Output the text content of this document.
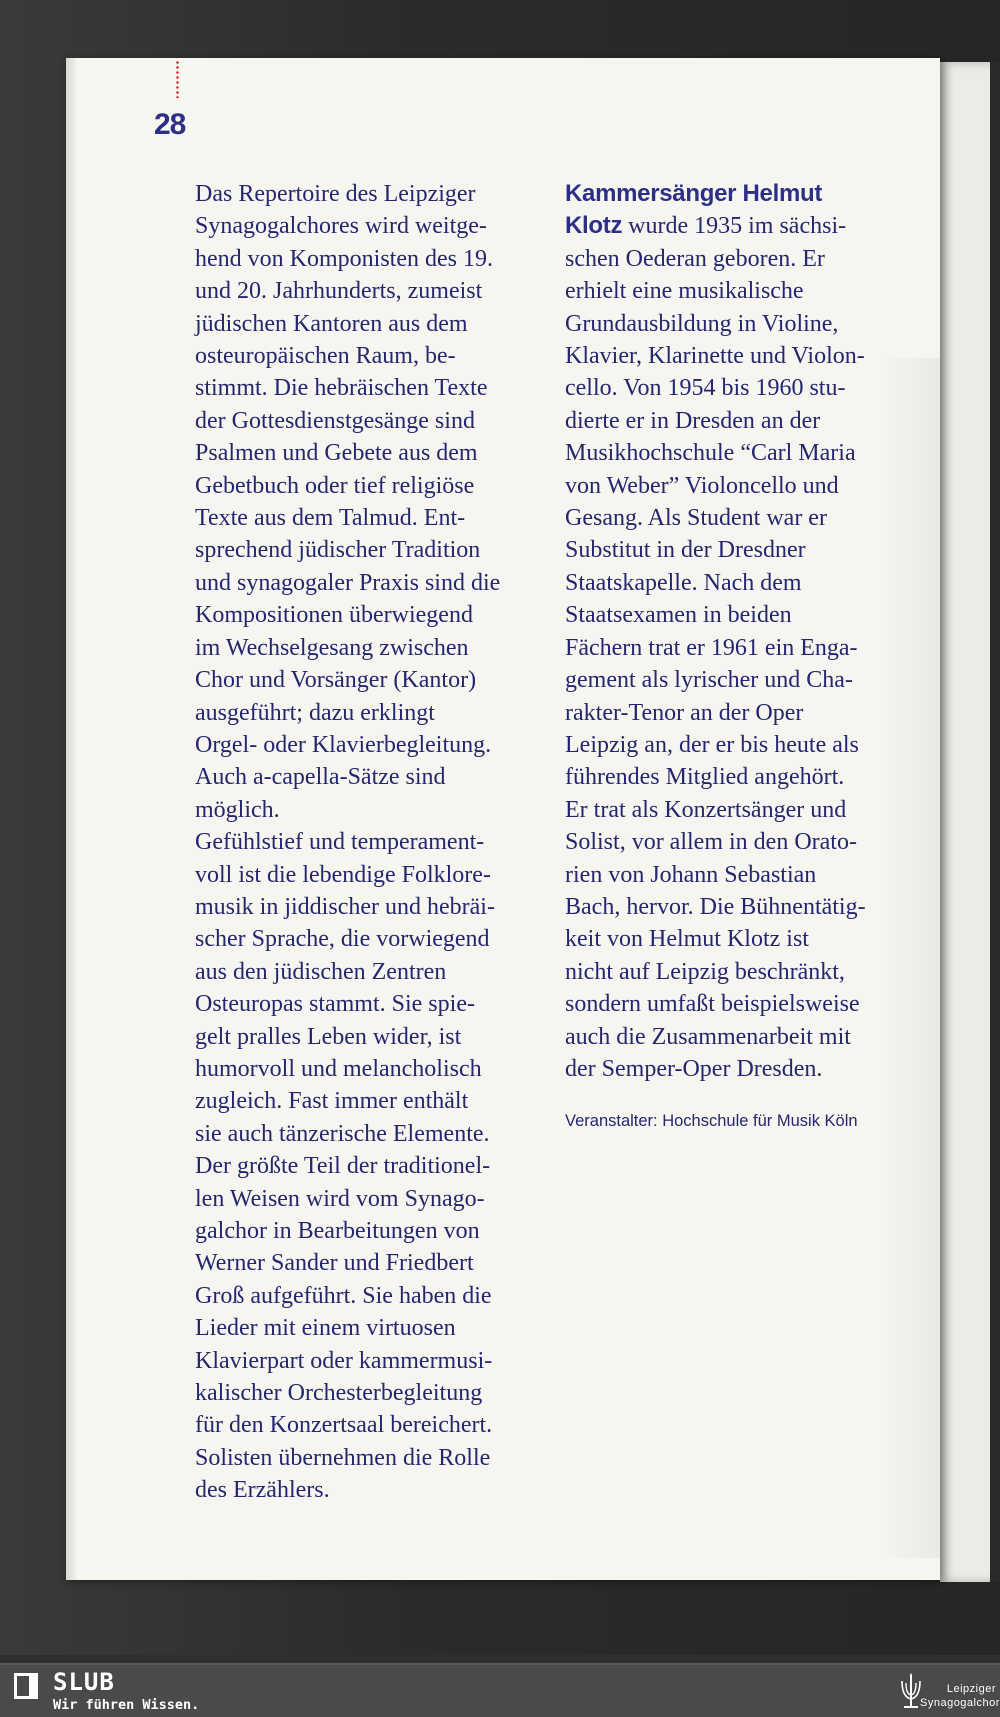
28
Das Repertoire des Leipziger
Synagogalchores wird weitge-
hend von Komponisten des 19.
und 20. Jahrhunderts, zumeist
jüdischen Kantoren aus dem
osteuropäischen Raum, be-
stimmt. Die hebräischen Texte
der Gottesdienstgesänge sind
Psalmen und Gebete aus dem
Gebetbuch oder tief religiöse
Texte aus dem Talmud. Ent-
sprechend jüdischer Tradition
und synagogaler Praxis sind die
Kompositionen überwiegend
im Wechselgesang zwischen
Chor und Vorsänger (Kantor)
ausgeführt; dazu erklingt
Orgel- oder Klavierbegleitung.
Auch a-capella-Sätze sind
möglich.
Gefühlstief und temperament-
voll ist die lebendige Folklore-
musik in jiddischer und hebräi-
scher Sprache, die vorwiegend
aus den jüdischen Zentren
Osteuropas stammt. Sie spie-
gelt pralles Leben wider, ist
humorvoll und melancholisch
zugleich. Fast immer enthält
sie auch tänzerische Elemente.
Der größte Teil der traditionel-
len Weisen wird vom Synago-
galchor in Bearbeitungen von
Werner Sander und Friedbert
Groß aufgeführt. Sie haben die
Lieder mit einem virtuosen
Klavierpart oder kammermusi-
kalischer Orchesterbegleitung
für den Konzertsaal bereichert.
Solisten übernehmen die Rolle
des Erzählers.
Kammersänger Helmut
Klotz wurde 1935 im sächsi-
schen Oederan geboren. Er
erhielt eine musikalische
Grundausbildung in Violine,
Klavier, Klarinette und Violon-
cello. Von 1954 bis 1960 stu-
dierte er in Dresden an der
Musikhochschule “Carl Maria
von Weber” Violoncello und
Gesang. Als Student war er
Substitut in der Dresdner
Staatskapelle. Nach dem
Staatsexamen in beiden
Fächern trat er 1961 ein Enga-
gement als lyrischer und Cha-
rakter-Tenor an der Oper
Leipzig an, der er bis heute als
führendes Mitglied angehört.
Er trat als Konzertsänger und
Solist, vor allem in den Orato-
rien von Johann Sebastian
Bach, hervor. Die Bühnentätig-
keit von Helmut Klotz ist
nicht auf Leipzig beschränkt,
sondern umfaßt beispielsweise
auch die Zusammenarbeit mit
der Semper-Oper Dresden.
Veranstalter: Hochschule für Musik Köln
SLUB
Wir führen Wissen.
Leipziger
Synagogalchor
